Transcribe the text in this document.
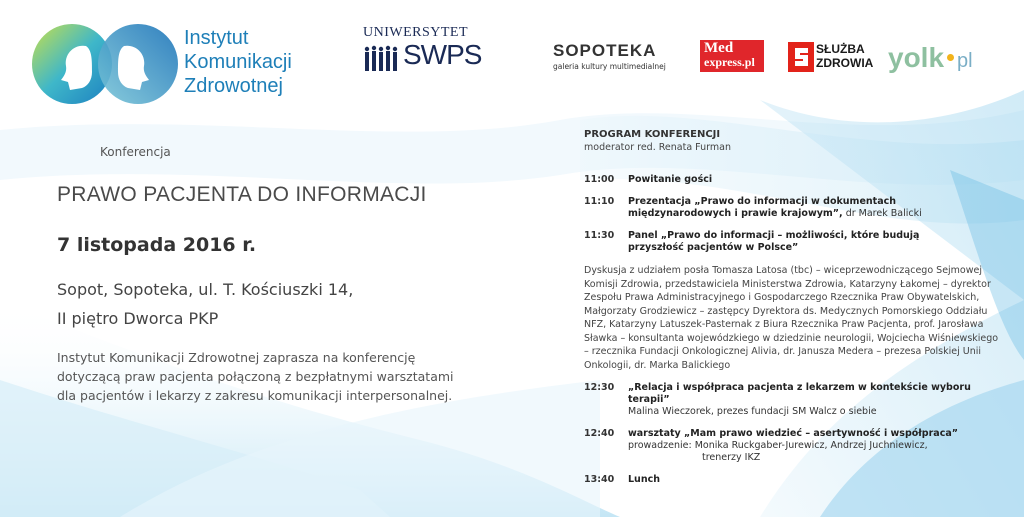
Instytut
Komunikacji
Zdrowotnej
UNIWERSYTET
SWPS	SOPOTEKA
galeria kultury multimedialnej
Med
express.pl
SŁUŻBA
ZDROWIA yolk pl
Konferencja
PRAWO PACJENTA DO INFORMACJI
7 listopada 2016 r.
Sopot, Sopoteka, ul. T. Kościuszki 14,
II piętro Dworca PKP
Instytut Komunikacji Zdrowotnej zaprasza na konferencję
dotyczącą praw pacjenta połączoną z bezpłatnymi warsztatami
dla pacjentów i lekarzy z zakresu komunikacji interpersonalnej.
PROGRAM KONFERENCJI
moderator red. Renata Furman
11:00	Powitanie gości
11:10	Prezentacja „Prawo do informacji w dokumentach
międzynarodowych i prawie krajowym”, dr Marek Balicki
11:30	Panel „Prawo do informacji – możliwości, które budują
przyszłość pacjentów w Polsce”
Dyskusja z udziałem posła Tomasza Latosa (tbc) – wiceprzewodniczącego Sejmowej
Komisji Zdrowia, przedstawiciela Ministerstwa Zdrowia, Katarzyny Łakomej – dyrektor
Zespołu Prawa Administracyjnego i Gospodarczego Rzecznika Praw Obywatelskich,
Małgorzaty Grodziewicz – zastępcy Dyrektora ds. Medycznych Pomorskiego Oddziału
NFZ, Katarzyny Latuszek-Pasternak z Biura Rzecznika Praw Pacjenta, prof. Jarosława
Sławka – konsultanta wojewódzkiego w dziedzinie neurologii, Wojciecha Wiśniewskiego
– rzecznika Fundacji Onkologicznej Alivia, dr. Janusza Medera – prezesa Polskiej Unii
Onkologii, dr. Marka Balickiego
12:30	„Relacja i współpraca pacjenta z lekarzem w kontekście wyboru terapii”
Malina Wieczorek, prezes fundacji SM Walcz o siebie
12:40	warsztaty „Mam prawo wiedzieć – asertywność i współpraca”
prowadzenie: Monika Ruckgaber-Jurewicz, Andrzej Juchniewicz,
trenerzy IKZ
13:40	Lunch
